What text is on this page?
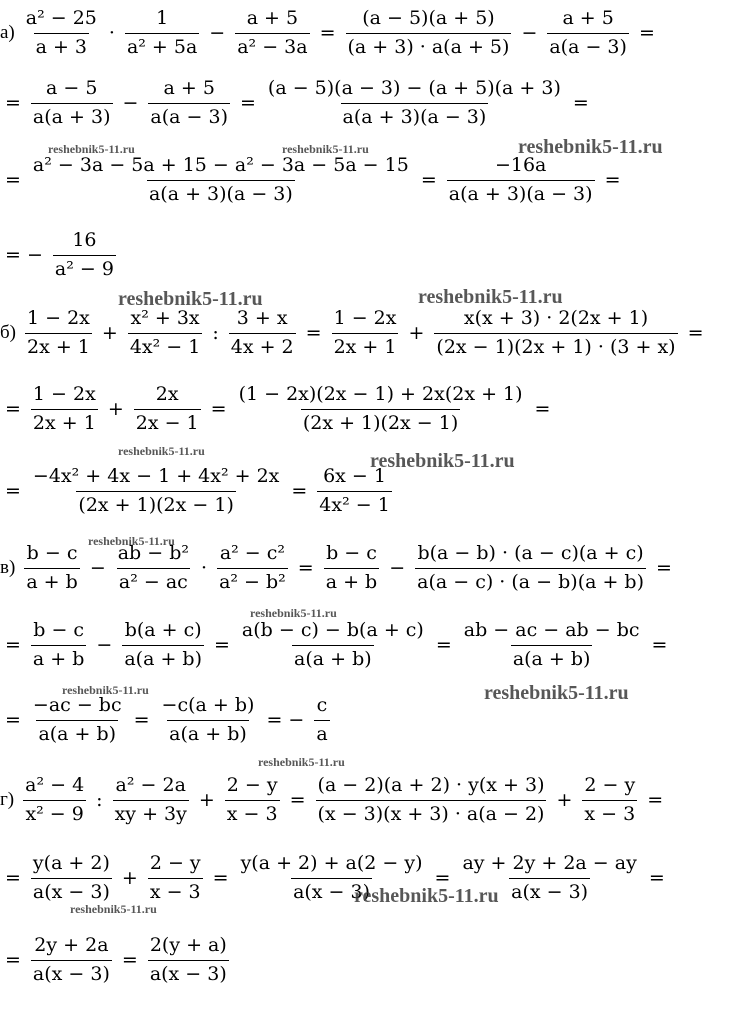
$а) \frac{\text{a² − 25}}{a + 3} \cdot \frac{1}{\text{a² + 5a}} - \frac{a + 5}{\text{a² − 3a}} = \frac{(a - 5)(a + 5)}{(a + 3) \cdot a(a + 5)} - \frac{a + 5}{a(a - 3)}$ =
= $\frac{a - 5}{a(a + 3)} - \frac{a + 5}{a(a - 3)} = \frac{(a - 5)(a - 3) - (a + 5)(a + 3)}{a(a + 3)(a - 3)}$ =
= $\frac{\text{a² − 3a − 5a + 15 − a² − 3a − 5a − 15}}{a(a + 3)(a - 3)} = \frac{-16a}{a(a + 3)(a - 3)}$ =
= − $\frac{16}{\text{a² − 9}}$
$б) \frac{1 - 2x}{2x + 1} + \frac{\text{x² + 3x}}{\text{4x² − 1}}$ : $\frac{3 + x}{4x + 2} = \frac{1 - 2x}{2x + 1} + \frac{x(x + 3) \cdot 2(2x + 1)}{(2x - 1)(2x + 1) \cdot (3 + x)}$ =
= $\frac{1 - 2x}{2x + 1} + \frac{2x}{2x - 1} = \frac{(1 - 2x)(2x - 1) + 2x(2x + 1)}{(2x + 1)(2x - 1)}$ =
= $\frac{\text{−4x² + 4x − 1 + 4x² + 2x}}{(2x + 1)(2x - 1)} = \frac{6x - 1}{\text{4x² − 1}}$
$в) \frac{b - c}{a + b} - \frac{\text{ab − b²}}{\text{a² − ac}} \cdot \frac{\text{a² − c²}}{\text{a² − b²}} = \frac{b - c}{a + b} - \frac{b(a - b) \cdot (a - c)(a + c)}{a(a - c) \cdot (a - b)(a + b)}$ =
= $\frac{b - c}{a + b} - \frac{b(a + c)}{a(a + b)} = \frac{a(b - c) - b(a + c)}{a(a + b)} = \frac{ab - ac - ab - bc}{a(a + b)}$ =
= $\frac{-ac - bc}{a(a + b)} = \frac{-c(a + b)}{a(a + b)}$ = − $\frac{c}{a}$
$г) \frac{\text{a² − 4}}{\text{x² − 9}}$ : $\frac{\text{a² − 2a}}{xy + 3y} + \frac{2 - y}{x - 3} = \frac{(a - 2)(a + 2) \cdot y(x + 3)}{(x - 3)(x + 3) \cdot a(a - 2)} + \frac{2 - y}{x - 3}$ =
= $\frac{y(a + 2)}{a(x - 3)} + \frac{2 - y}{x - 3} = \frac{y(a + 2) + a(2 - y)}{a(x - 3)} = \frac{ay + 2y + 2a - ay}{a(x - 3)}$ =
= $\frac{2y + 2a}{a(x - 3)} = \frac{2(y + a)}{a(x - 3)}$
reshebnik5-11.ru	reshebnik5-11.ru	reshebnik5-11.ru
reshebnik5-11.ru	reshebnik5-11.ru
reshebnik5-11.ru	reshebnik5-11.ru
reshebnik5-11.ru
reshebnik5-11.ru
reshebnik5-11.ru	reshebnik5-11.ru
reshebnik5-11.ru
reshebnik5-11.ru
reshebnik5-11.ru
